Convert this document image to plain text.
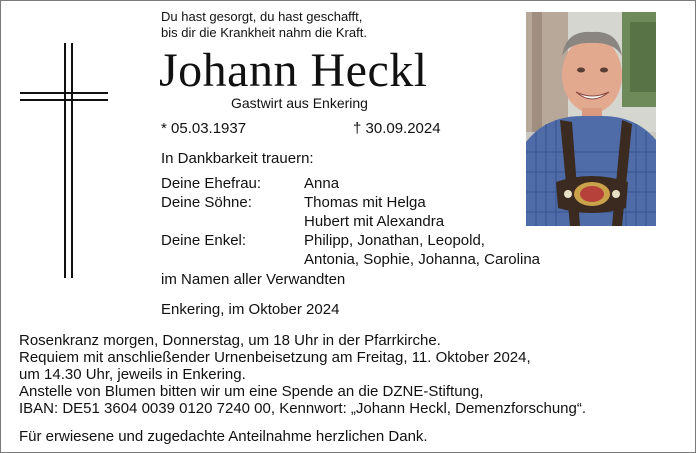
Du hast gesorgt, du hast geschafft,
bis dir die Krankheit nahm die Kraft.
Johann Heckl
Gastwirt aus Enkering
* 05.03.1937	† 30.09.2024
In Dankbarkeit trauern:
Deine Ehefrau:	Anna
Deine Söhne:	Thomas mit Helga
Hubert mit Alexandra
Deine Enkel:	Philipp, Jonathan, Leopold,
Antonia, Sophie, Johanna, Carolina
im Namen aller Verwandten
Enkering, im Oktober 2024
Rosenkranz morgen, Donnerstag, um 18 Uhr in der Pfarrkirche.
Requiem mit anschließender Urnenbeisetzung am Freitag, 11. Oktober 2024,
um 14.30 Uhr, jeweils in Enkering.
Anstelle von Blumen bitten wir um eine Spende an die DZNE-Stiftung,
IBAN: DE51 3604 0039 0120 7240 00, Kennwort: „Johann Heckl, Demenzforschung“.
Für erwiesene und zugedachte Anteilnahme herzlichen Dank.
